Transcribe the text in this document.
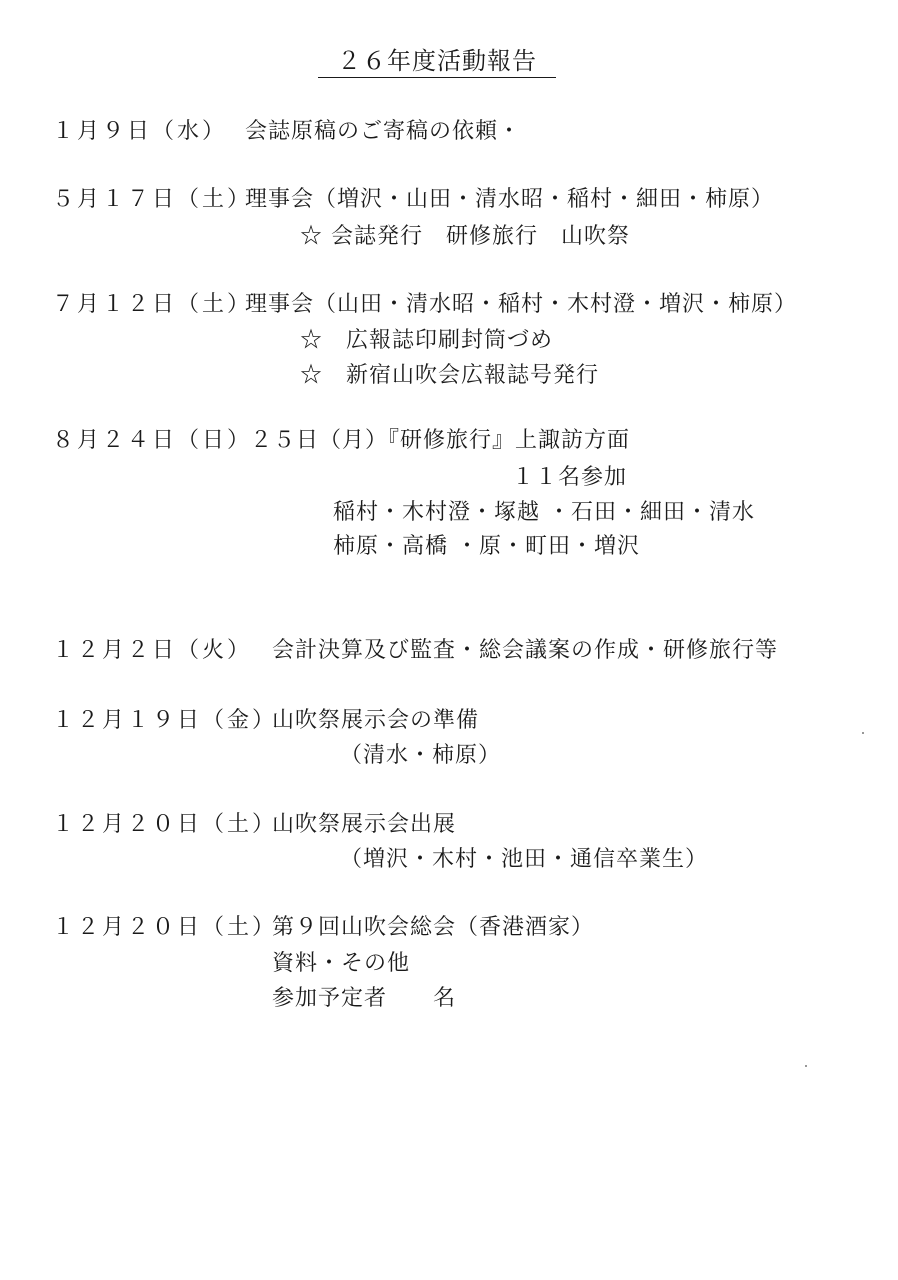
２６年度活動報告
１月９日（水） 会誌原稿のご寄稿の依頼・
５月１７日（土）
理事会（増沢・山田・清水昭・稲村・細田・柿原）
☆ 会誌発行　研修旅行　山吹祭
７月１２日（土）
理事会（山田・清水昭・稲村・木村澄・増沢・柿原）
☆　広報誌印刷封筒づめ
☆　新宿山吹会広報誌号発行
８月２４日（日）
２５日（月）『研修旅行』上諏訪方面
１１名参加
稲村・木村澄・塚越 ・石田・細田・清水
柿原・高橋 ・原・町田・増沢
１２月２日（火） 会計決算及び監査・総会議案の作成・研修旅行等
１２月１９日（金）
山吹祭展示会の準備
（清水・柿原）
１２月２０日（土）
山吹祭展示会出展
（増沢・木村・池田・通信卒業生）
１２月２０日（土）
第９回山吹会総会（香港酒家）
資料・その他
参加予定者　　名
